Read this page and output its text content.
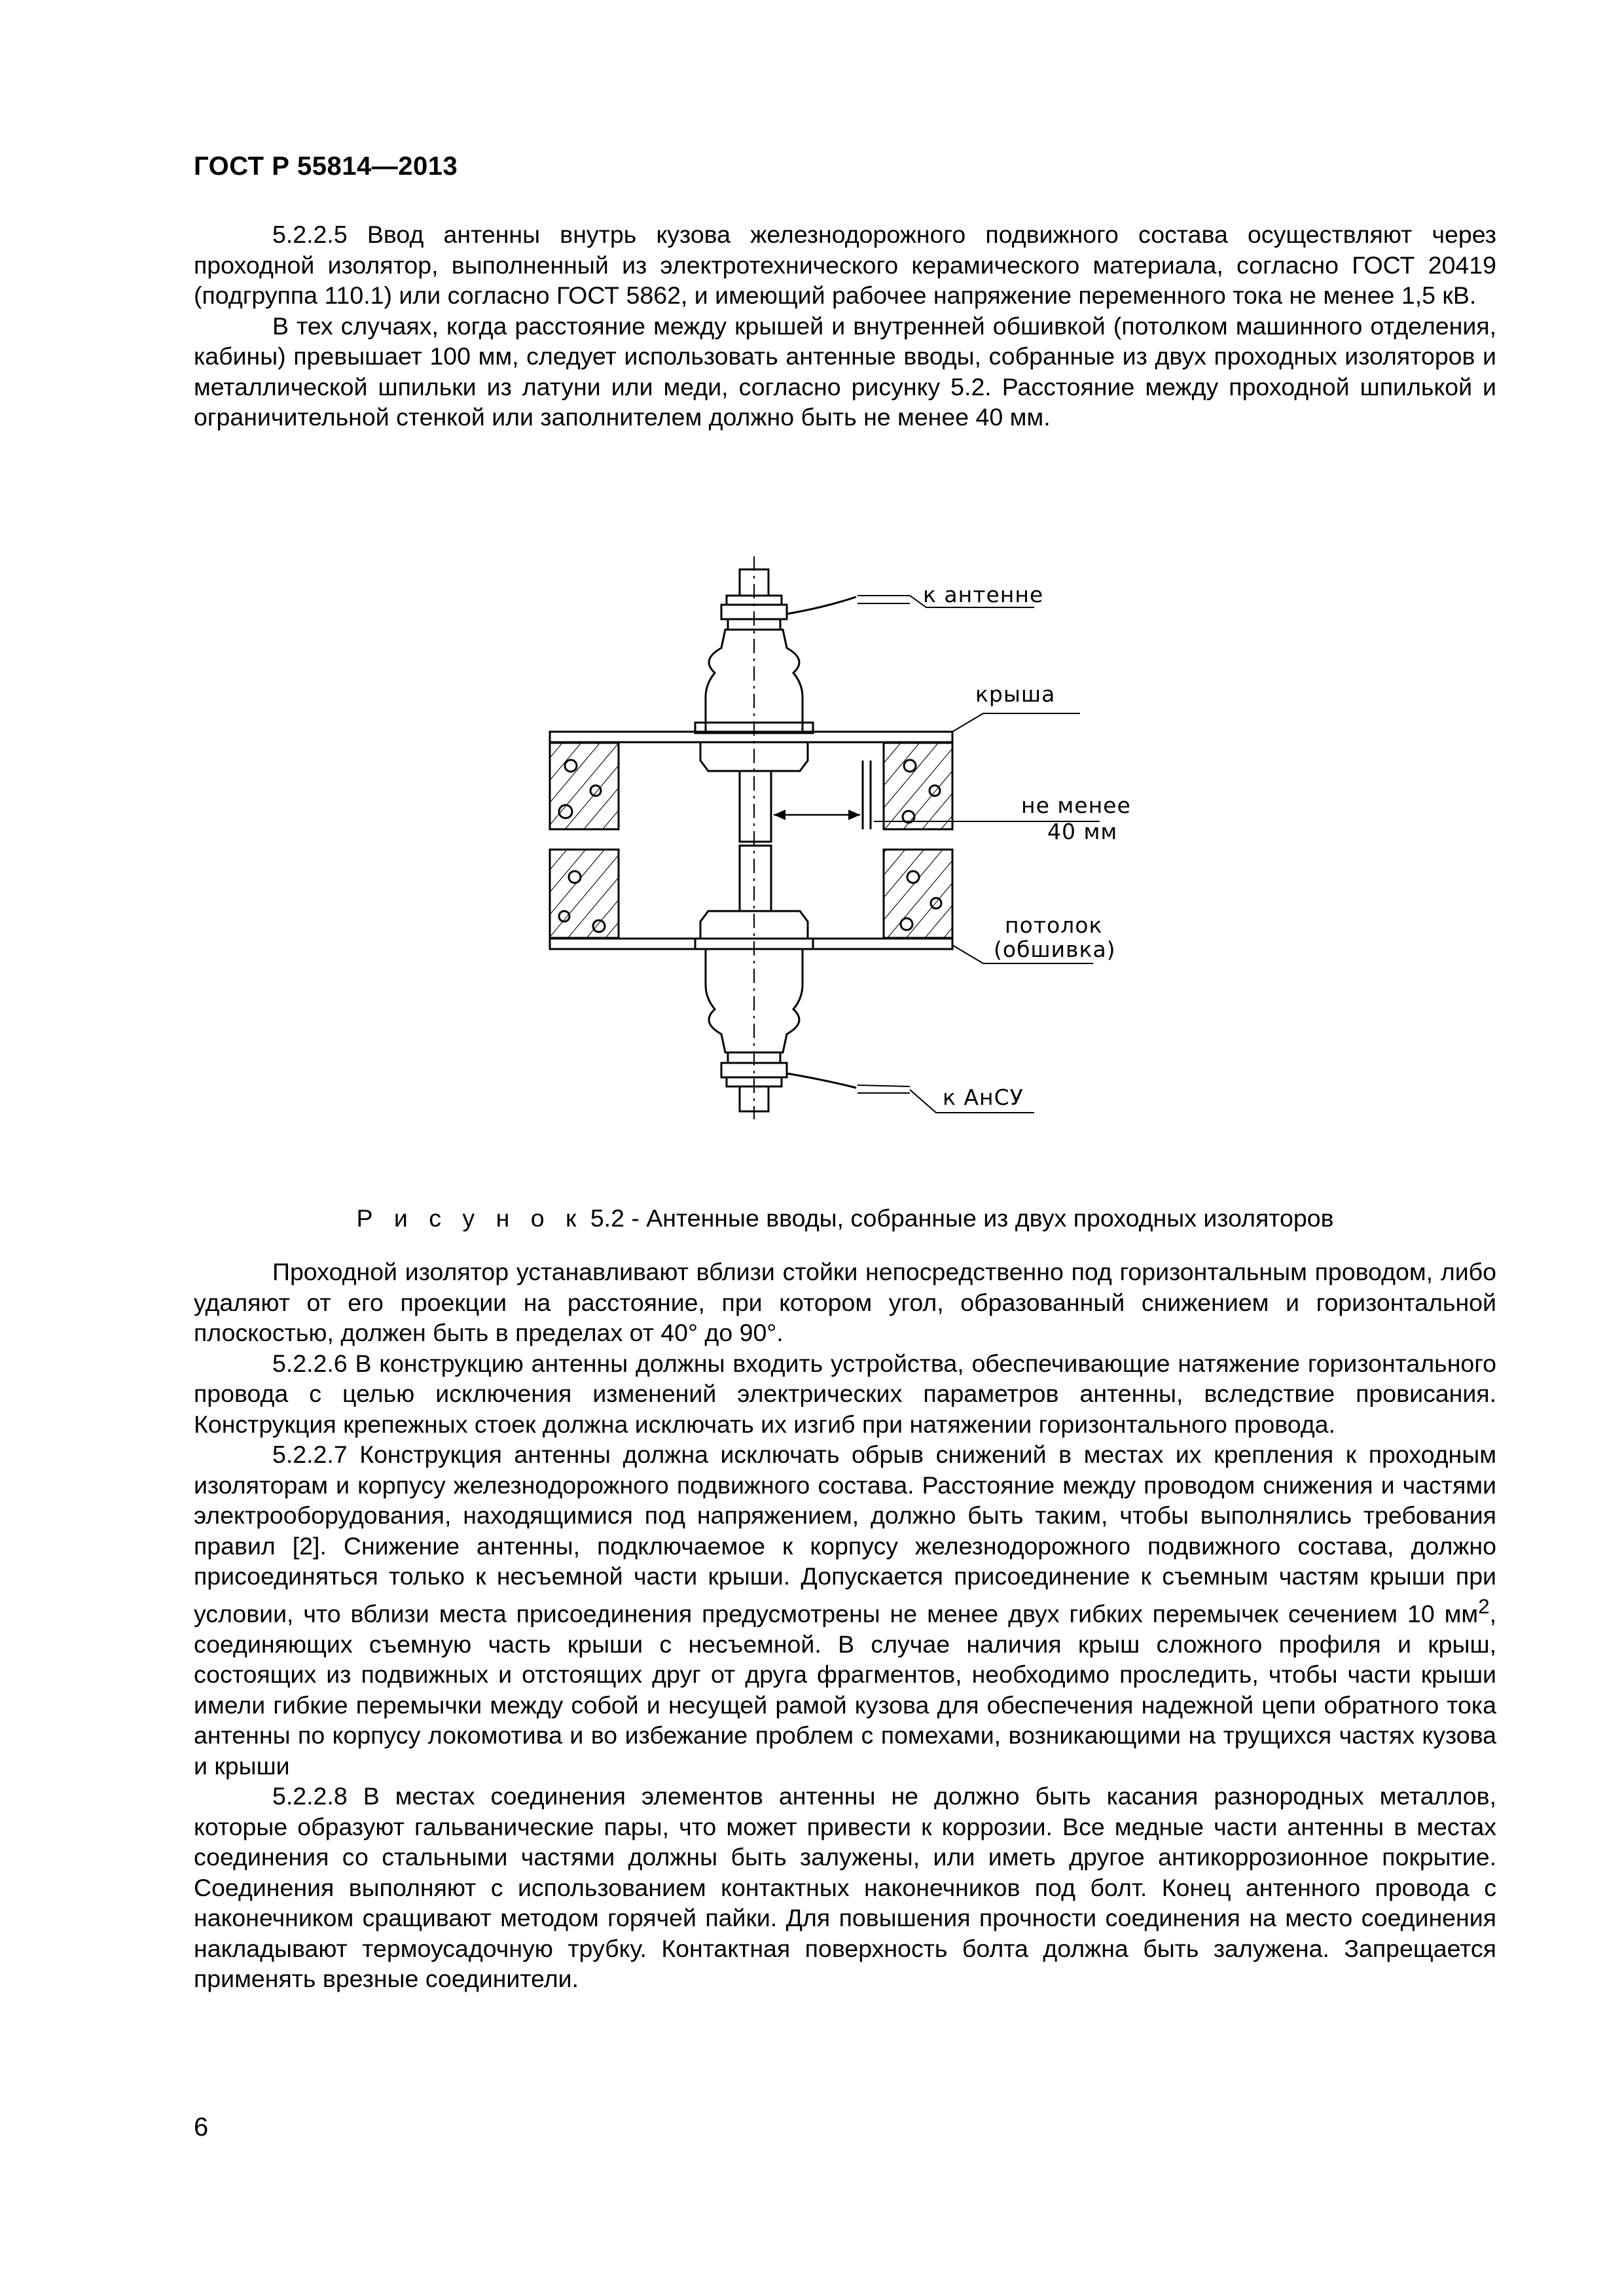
ГОСТ Р 55814—2013

5.2.2.5 Ввод антенны внутрь кузова железнодорожного подвижного состава осуществляют через проходной изолятор, выполненный из электротехнического керамического материала, согласно ГОСТ 20419 (подгруппа 110.1) или согласно ГОСТ 5862, и имеющий рабочее напряжение переменного тока не менее 1,5 кВ.

В тех случаях, когда расстояние между крышей и внутренней обшивкой (потолком машинного отделения, кабины) превышает 100 мм, следует использовать антенные вводы, собранные из двух проходных изоляторов и металлической шпильки из латуни или меди, согласно рисунку 5.2. Расстояние между проходной шпилькой и ограничительной стенкой или заполнителем должно быть не менее 40 мм.

к антенне
крыша
не менее
40 мм
потолок
(обшивка)
к АнСУ
Р и с у н о к 5.2 - Антенные вводы, собранные из двух проходных изоляторов

Проходной изолятор устанавливают вблизи стойки непосредственно под горизонтальным проводом, либо удаляют от его проекции на расстояние, при котором угол, образованный снижением и горизонтальной плоскостью, должен быть в пределах от 40° до 90°.

5.2.2.6 В конструкцию антенны должны входить устройства, обеспечивающие натяжение горизонтального провода с целью исключения изменений электрических параметров антенны, вследствие провисания. Конструкция крепежных стоек должна исключать их изгиб при натяжении горизонтального провода.

5.2.2.7 Конструкция антенны должна исключать обрыв снижений в местах их крепления к проходным изоляторам и корпусу железнодорожного подвижного состава. Расстояние между проводом снижения и частями электрооборудования, находящимися под напряжением, должно быть таким, чтобы выполнялись требования правил [2]. Снижение антенны, подключаемое к корпусу железнодорожного подвижного состава, должно присоединяться только к несъемной части крыши. Допускается присоединение к съемным частям крыши при условии, что вблизи места присоединения предусмотрены не менее двух гибких перемычек сечением 10 $мм^2$, соединяющих съемную часть крыши с несъемной. В случае наличия крыш сложного профиля и крыш, состоящих из подвижных и отстоящих друг от друга фрагментов, необходимо проследить, чтобы части крыши имели гибкие перемычки между собой и несущей рамой кузова для обеспечения надежной цепи обратного тока антенны по корпусу локомотива и во избежание проблем с помехами, возникающими на трущихся частях кузова и крыши

5.2.2.8 В местах соединения элементов антенны не должно быть касания разнородных металлов, которые образуют гальванические пары, что может привести к коррозии. Все медные части антенны в местах соединения со стальными частями должны быть залужены, или иметь другое антикоррозионное покрытие. Соединения выполняют с использованием контактных наконечников под болт. Конец антенного провода с наконечником сращивают методом горячей пайки. Для повышения прочности соединения на место соединения накладывают термоусадочную трубку. Контактная поверхность болта должна быть залужена. Запрещается применять врезные соединители.

6
